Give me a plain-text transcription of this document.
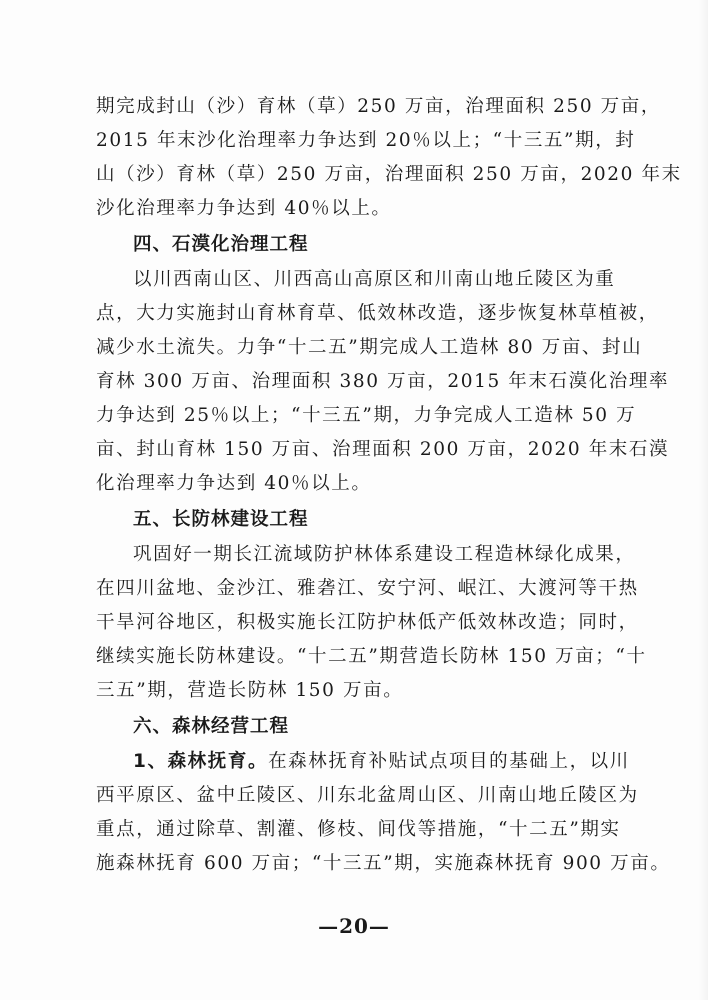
期完成封山（沙）育林（草）250 万亩，治理面积 250 万亩，
2015 年末沙化治理率力争达到 20％以上；“十三五”期，封
山（沙）育林（草）250 万亩，治理面积 250 万亩，2020 年末
沙化治理率力争达到 40％以上。
四、石漠化治理工程
以川西南山区、川西高山高原区和川南山地丘陵区为重
点，大力实施封山育林育草、低效林改造，逐步恢复林草植被，
减少水土流失。力争“十二五”期完成人工造林 80 万亩、封山
育林 300 万亩、治理面积 380 万亩，2015 年末石漠化治理率
力争达到 25％以上；“十三五”期，力争完成人工造林 50 万
亩、封山育林 150 万亩、治理面积 200 万亩，2020 年末石漠
化治理率力争达到 40％以上。
五、长防林建设工程
巩固好一期长江流域防护林体系建设工程造林绿化成果，
在四川盆地、金沙江、雅砻江、安宁河、岷江、大渡河等干热
干旱河谷地区，积极实施长江防护林低产低效林改造；同时，
继续实施长防林建设。“十二五”期营造长防林 150 万亩；“十
三五”期，营造长防林 150 万亩。
六、森林经营工程
1、森林抚育。在森林抚育补贴试点项目的基础上，以川
西平原区、盆中丘陵区、川东北盆周山区、川南山地丘陵区为
重点，通过除草、割灌、修枝、间伐等措施，“十二五”期实
施森林抚育 600 万亩；“十三五”期，实施森林抚育 900 万亩。
—20—
